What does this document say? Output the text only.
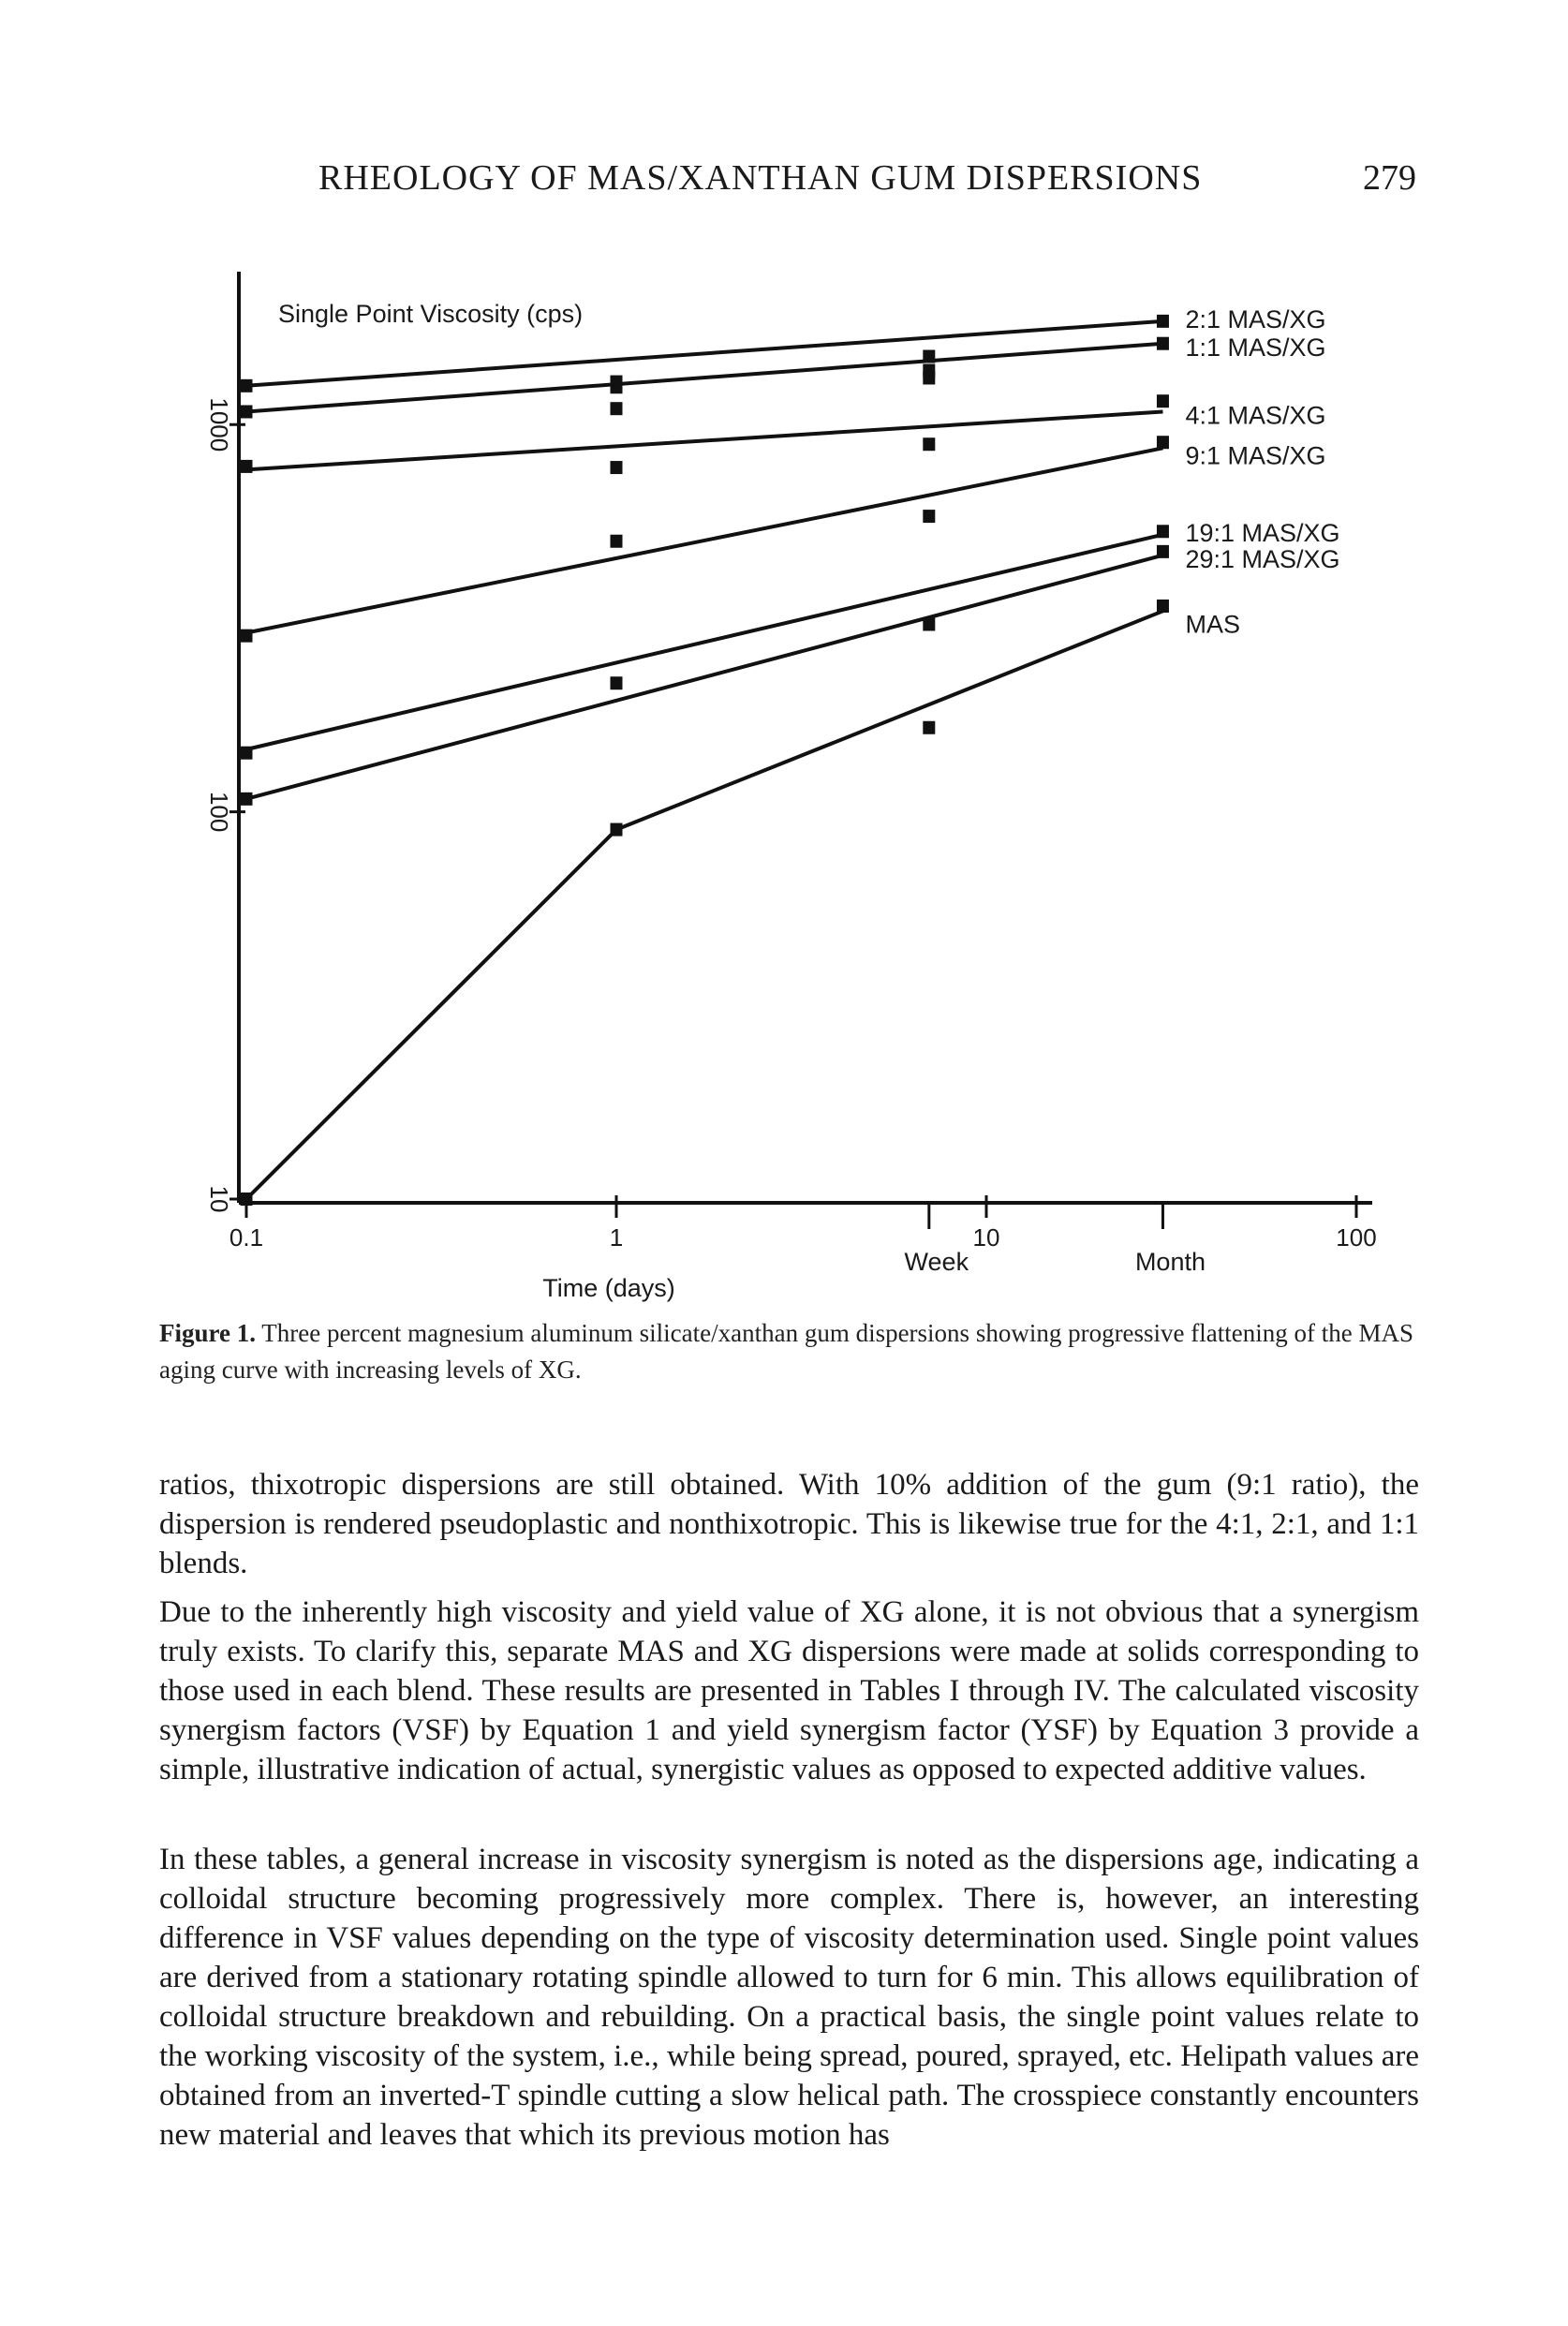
RHEOLOGY OF MAS/XANTHAN GUM DISPERSIONS	279
Single Point Viscosity (cps)
Time (days)
10
100
1000
0.1	1	10	100
Week	Month
2:1 MAS/XG
1:1 MAS/XG
4:1 MAS/XG
9:1 MAS/XG
19:1 MAS/XG
29:1 MAS/XG
MAS
Figure 1. Three percent magnesium aluminum silicate/xanthan gum dispersions showing progressive flattening of the MAS aging curve with increasing levels of XG.

ratios, thixotropic dispersions are still obtained. With 10% addition of the gum (9:1 ratio), the dispersion is rendered pseudoplastic and nonthixotropic. This is likewise true for the 4:1, 2:1, and 1:1 blends.

Due to the inherently high viscosity and yield value of XG alone, it is not obvious that a synergism truly exists. To clarify this, separate MAS and XG dispersions were made at solids corresponding to those used in each blend. These results are presented in Tables I through IV. The calculated viscosity synergism factors (VSF) by Equation 1 and yield synergism factor (YSF) by Equation 3 provide a simple, illustrative indication of actual, synergistic values as opposed to expected additive values.

In these tables, a general increase in viscosity synergism is noted as the dispersions age, indicating a colloidal structure becoming progressively more complex. There is, however, an interesting difference in VSF values depending on the type of viscosity determination used. Single point values are derived from a stationary rotating spindle allowed to turn for 6 min. This allows equilibration of colloidal structure breakdown and rebuilding. On a practical basis, the single point values relate to the working viscosity of the system, i.e., while being spread, poured, sprayed, etc. Helipath values are obtained from an inverted-T spindle cutting a slow helical path. The crosspiece constantly encounters new material and leaves that which its previous motion has
